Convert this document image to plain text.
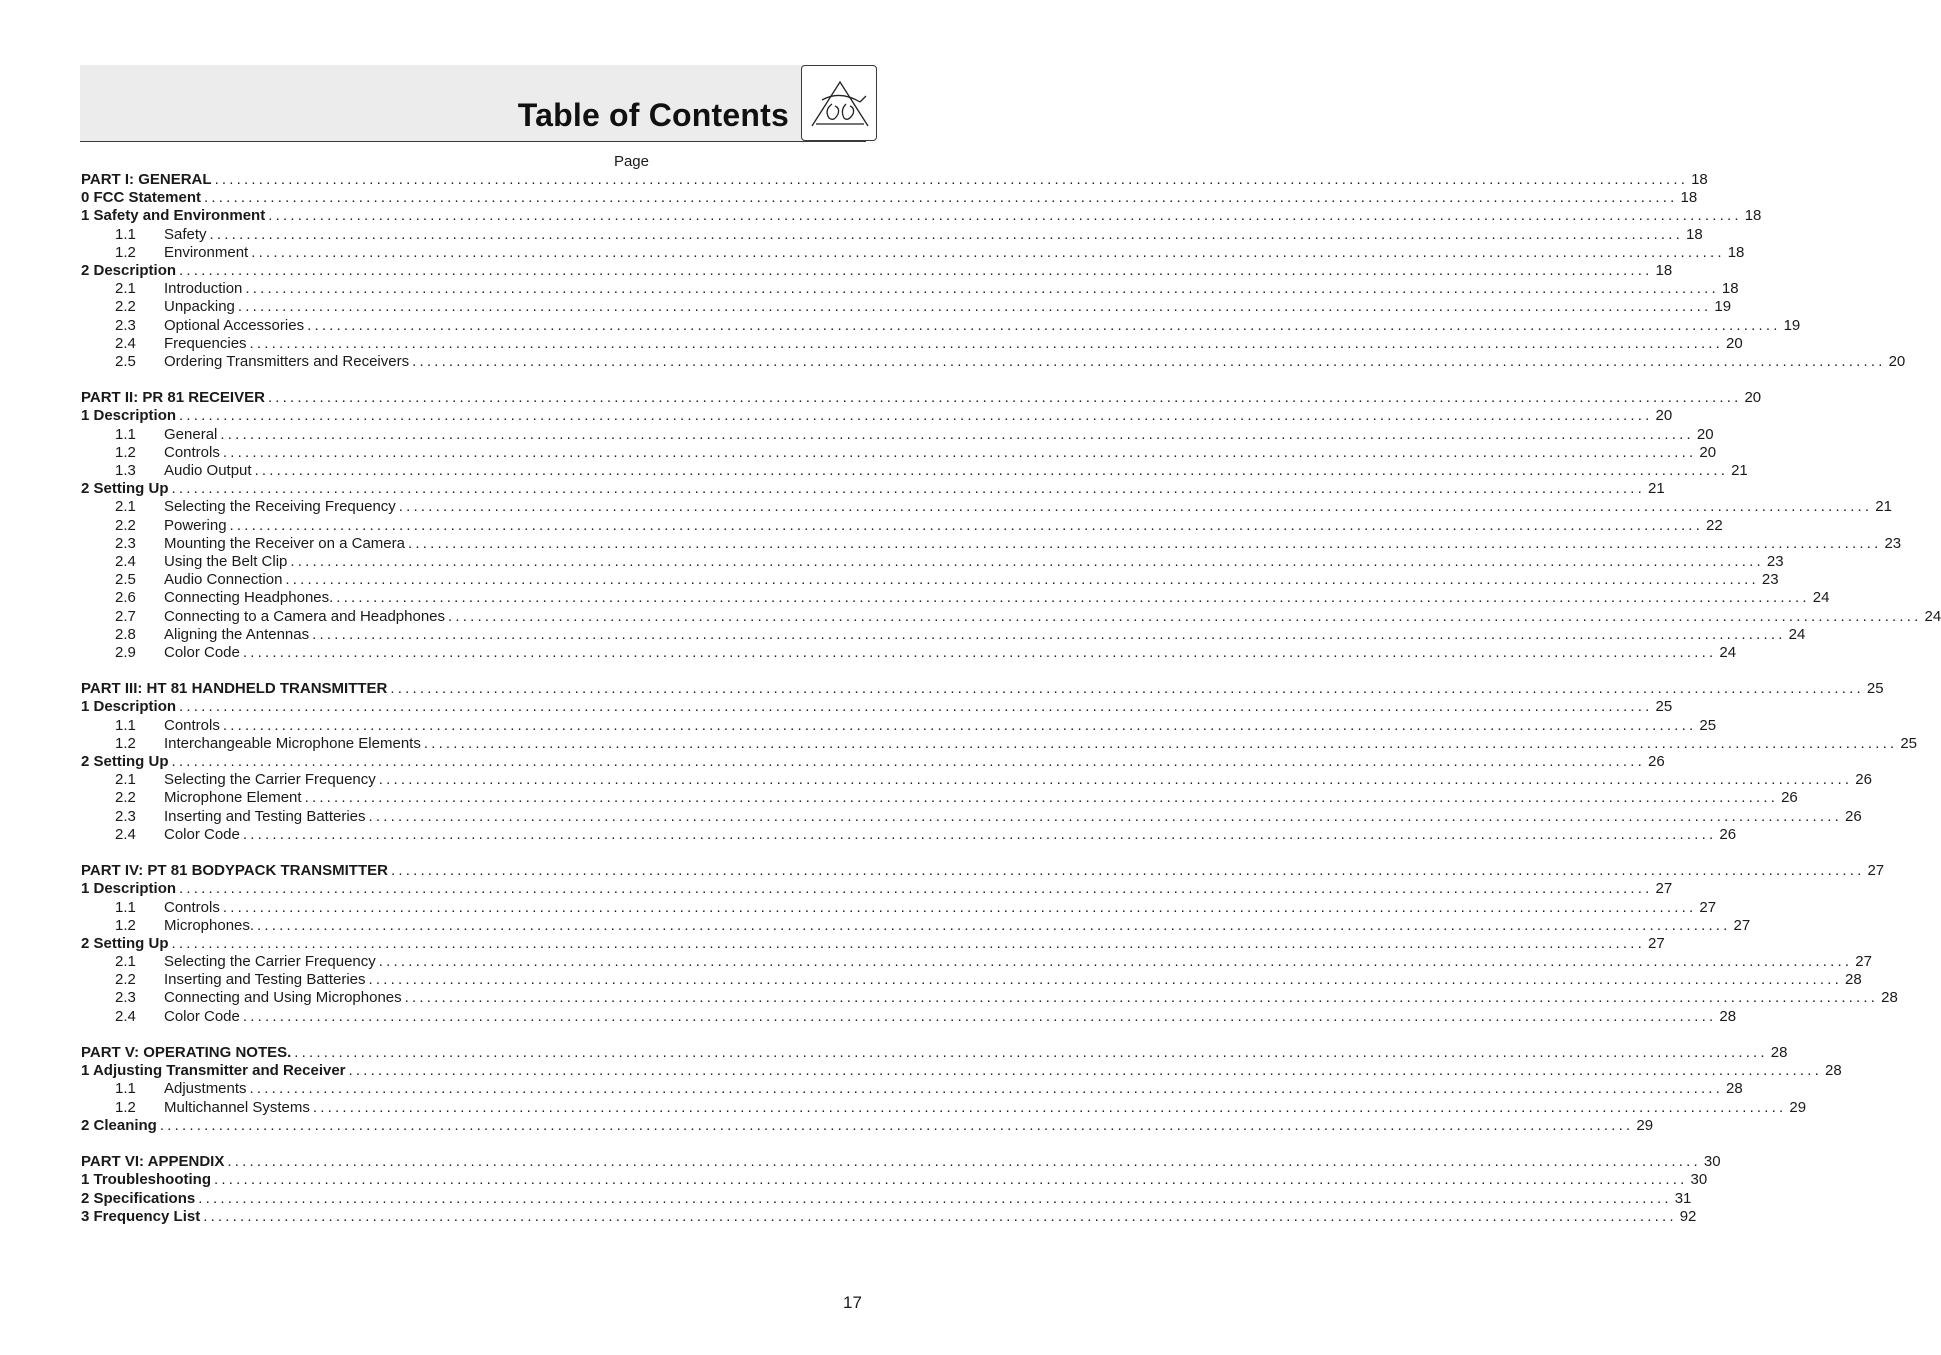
Table of Contents
Page
PART I: GENERAL ........................................................................................................................................................................................................ 18
0 FCC Statement ........................................................................................................................................................................................................ 18
1 Safety and Environment ........................................................................................................................................................................................................ 18
1.1	Safety ........................................................................................................................................................................................................ 18
1.2	Environment ........................................................................................................................................................................................................ 18
2 Description ........................................................................................................................................................................................................ 18
2.1	Introduction ........................................................................................................................................................................................................ 18
2.2	Unpacking ........................................................................................................................................................................................................ 19
2.3	Optional Accessories ........................................................................................................................................................................................................ 19
2.4	Frequencies ........................................................................................................................................................................................................ 20
2.5	Ordering Transmitters and Receivers ........................................................................................................................................................................................................ 20
PART II: PR 81 RECEIVER ........................................................................................................................................................................................................ 20
1 Description ........................................................................................................................................................................................................ 20
1.1	General ........................................................................................................................................................................................................ 20
1.2	Controls ........................................................................................................................................................................................................ 20
1.3	Audio Output ........................................................................................................................................................................................................ 21
2 Setting Up ........................................................................................................................................................................................................ 21
2.1	Selecting the Receiving Frequency ........................................................................................................................................................................................................ 21
2.2	Powering ........................................................................................................................................................................................................ 22
2.3	Mounting the Receiver on a Camera ........................................................................................................................................................................................................ 23
2.4	Using the Belt Clip ........................................................................................................................................................................................................ 23
2.5	Audio Connection ........................................................................................................................................................................................................ 23
2.6	Connecting Headphones. ........................................................................................................................................................................................................ 24
2.7	Connecting to a Camera and Headphones ........................................................................................................................................................................................................ 24
2.8	Aligning the Antennas ........................................................................................................................................................................................................ 24
2.9	Color Code ........................................................................................................................................................................................................ 24
PART III: HT 81 HANDHELD TRANSMITTER ........................................................................................................................................................................................................ 25
1 Description ........................................................................................................................................................................................................ 25
1.1	Controls ........................................................................................................................................................................................................ 25
1.2	Interchangeable Microphone Elements ........................................................................................................................................................................................................ 25
2 Setting Up ........................................................................................................................................................................................................ 26
2.1	Selecting the Carrier Frequency ........................................................................................................................................................................................................ 26
2.2	Microphone Element ........................................................................................................................................................................................................ 26
2.3	Inserting and Testing Batteries ........................................................................................................................................................................................................ 26
2.4	Color Code ........................................................................................................................................................................................................ 26
PART IV: PT 81 BODYPACK TRANSMITTER ........................................................................................................................................................................................................ 27
1 Description ........................................................................................................................................................................................................ 27
1.1	Controls ........................................................................................................................................................................................................ 27
1.2	Microphones. ........................................................................................................................................................................................................ 27
2 Setting Up ........................................................................................................................................................................................................ 27
2.1	Selecting the Carrier Frequency ........................................................................................................................................................................................................ 27
2.2	Inserting and Testing Batteries ........................................................................................................................................................................................................ 28
2.3	Connecting and Using Microphones ........................................................................................................................................................................................................ 28
2.4	Color Code ........................................................................................................................................................................................................ 28
PART V: OPERATING NOTES. ........................................................................................................................................................................................................ 28
1 Adjusting Transmitter and Receiver ........................................................................................................................................................................................................ 28
1.1	Adjustments ........................................................................................................................................................................................................ 28
1.2	Multichannel Systems ........................................................................................................................................................................................................ 29
2 Cleaning ........................................................................................................................................................................................................ 29
PART VI: APPENDIX ........................................................................................................................................................................................................ 30
1 Troubleshooting ........................................................................................................................................................................................................ 30
2 Specifications ........................................................................................................................................................................................................ 31
3 Frequency List ........................................................................................................................................................................................................ 92
17
